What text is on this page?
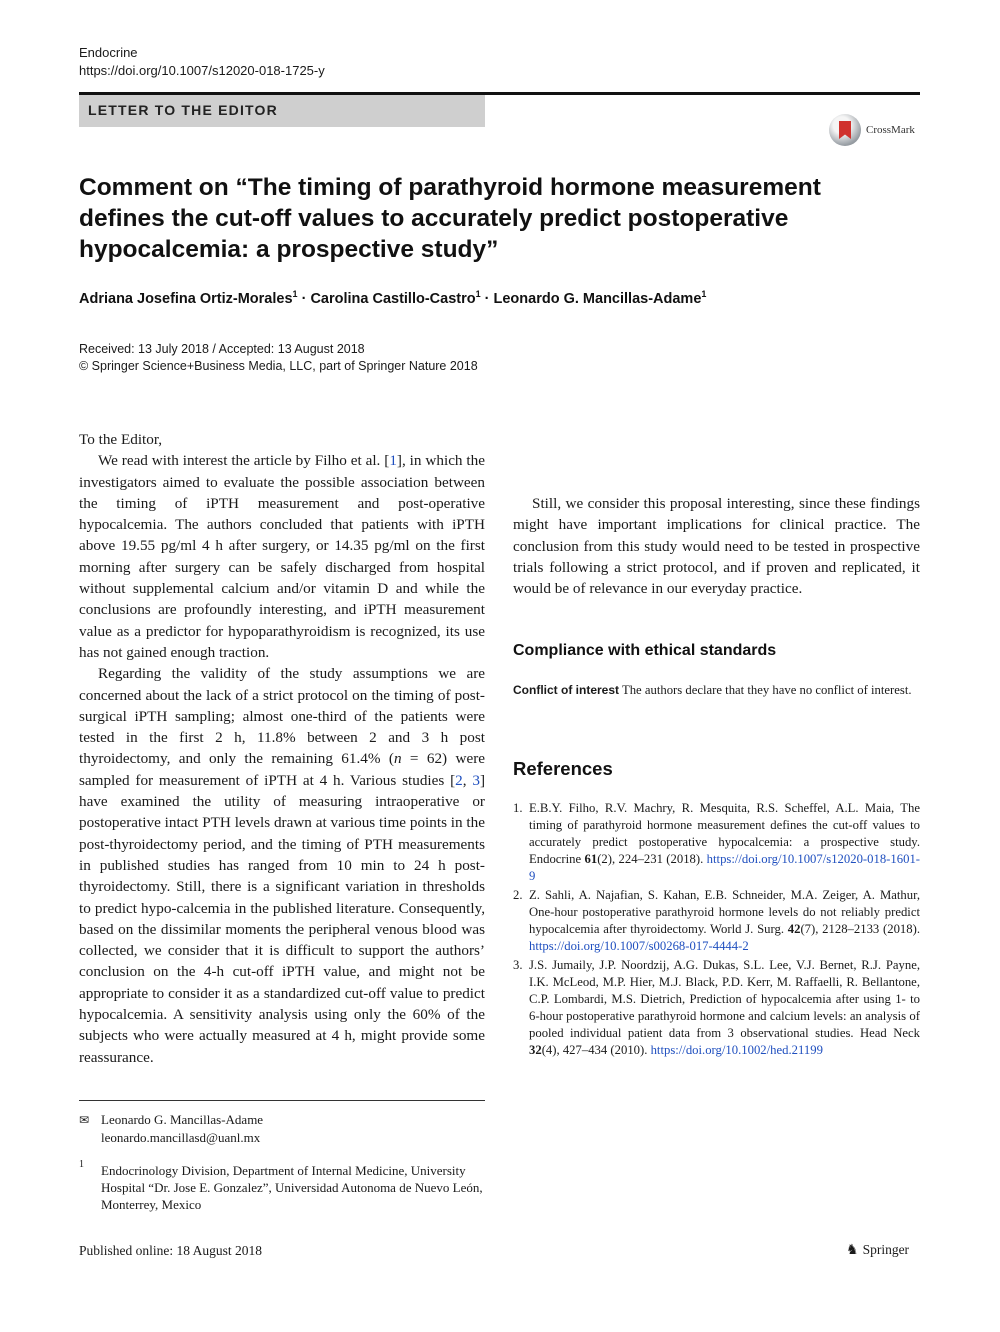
Endocrine
https://doi.org/10.1007/s12020-018-1725-y
LETTER TO THE EDITOR
CrossMark
Comment on “The timing of parathyroid hormone measurement defines the cut-off values to accurately predict postoperative hypocalcemia: a prospective study”
Adriana Josefina Ortiz-Morales$^1$ · Carolina Castillo-Castro$^1$ · Leonardo G. Mancillas-Adame$^1$
Received: 13 July 2018 / Accepted: 13 August 2018
© Springer Science+Business Media, LLC, part of Springer Nature 2018

To the Editor,

We read with interest the article by Filho et al. [1], in which the investigators aimed to evaluate the possible association between the timing of iPTH measurement and post-operative hypocalcemia. The authors concluded that patients with iPTH above 19.55 pg/ml 4 h after surgery, or 14.35 pg/ml on the first morning after surgery can be safely discharged from hospital without supplemental calcium and/or vitamin D and while the conclusions are profoundly interesting, and iPTH measurement value as a predictor for hypoparathyroidism is recognized, its use has not gained enough traction.

Regarding the validity of the study assumptions we are concerned about the lack of a strict protocol on the timing of post-surgical iPTH sampling; almost one-third of the patients were tested in the first 2 h, 11.8% between 2 and 3 h post thyroidectomy, and only the remaining 61.4% (n = 62) were sampled for measurement of iPTH at 4 h. Various studies [2, 3] have examined the utility of measuring intraoperative or postoperative intact PTH levels drawn at various time points in the post-thyroidectomy period, and the timing of PTH measurements in published studies has ranged from 10 min to 24 h post-thyroidectomy. Still, there is a significant variation in thresholds to predict hypo-calcemia in the published literature. Consequently, based on the dissimilar moments the peripheral venous blood was collected, we consider that it is difficult to support the authors’ conclusion on the 4-h cut-off iPTH value, and might not be appropriate to consider it as a standardized cut-off value to predict hypocalcemia. A sensitivity analysis using only the 60% of the subjects who were actually measured at 4 h, might provide some reassurance.

Still, we consider this proposal interesting, since these findings might have important implications for clinical practice. The conclusion from this study would need to be tested in prospective trials following a strict protocol, and if proven and replicated, it would be of relevance in our everyday practice.

Compliance with ethical standards
Conflict of interest The authors declare that they have no conflict of interest.
References
1. E.B.Y. Filho, R.V. Machry, R. Mesquita, R.S. Scheffel, A.L. Maia, The timing of parathyroid hormone measurement defines the cut-off values to accurately predict postoperative hypocalcemia: a prospective study. Endocrine 61(2), 224–231 (2018). https://doi.org/10.1007/s12020-018-1601-9
2. Z. Sahli, A. Najafian, S. Kahan, E.B. Schneider, M.A. Zeiger, A. Mathur, One-hour postoperative parathyroid hormone levels do not reliably predict hypocalcemia after thyroidectomy. World J. Surg. 42(7), 2128–2133 (2018). https://doi.org/10.1007/s00268-017-4444-2
3. J.S. Jumaily, J.P. Noordzij, A.G. Dukas, S.L. Lee, V.J. Bernet, R.J. Payne, I.K. McLeod, M.P. Hier, M.J. Black, P.D. Kerr, M. Raffaelli, R. Bellantone, C.P. Lombardi, M.S. Dietrich, Prediction of hypocalcemia after using 1- to 6-hour postoperative parathyroid hormone and calcium levels: an analysis of pooled individual patient data from 3 observational studies. Head Neck 32(4), 427–434 (2010). https://doi.org/10.1002/hed.21199
✉ Leonardo G. Mancillas-Adame
leonardo.mancillasd@uanl.mx
1 Endocrinology Division, Department of Internal Medicine, University Hospital “Dr. Jose E. Gonzalez”, Universidad Autonoma de Nuevo León, Monterrey, Mexico
Published online: 18 August 2018	♞ Springer
